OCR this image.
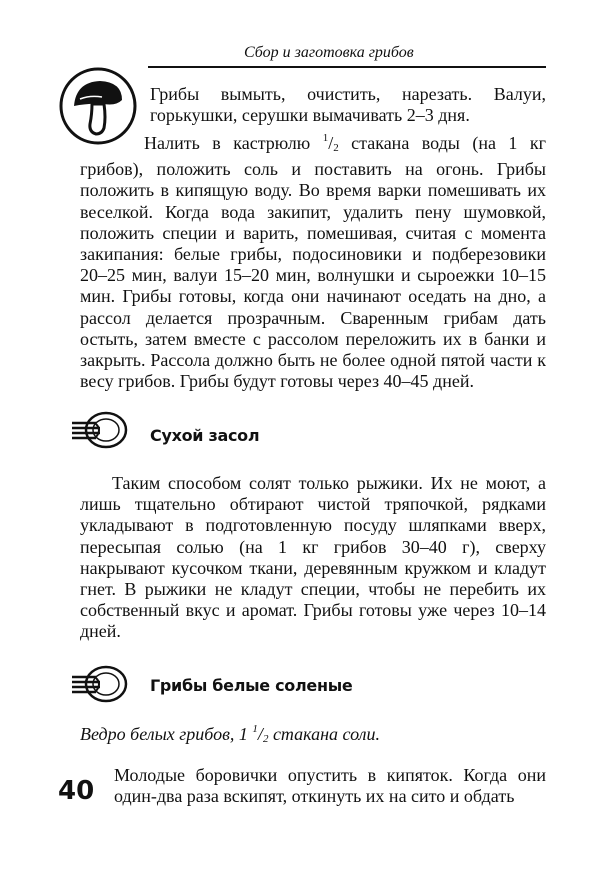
Сбор и заготовка грибов

Грибы вымыть, очистить, нарезать. Валуи, горькушки, серушки вымачивать 2–3 дня.

Налить в кастрюлю $^1/_2$ стакана воды (на 1 кг грибов), положить соль и поставить на огонь. Грибы положить в кипящую воду. Во время варки помешивать их веселкой. Когда вода закипит, удалить пену шумовкой, положить специи и варить, помешивая, считая с момента закипания: белые грибы, подосиновики и подберезовики 20–25 мин, валуи 15–20 мин, волнушки и сыроежки 10–15 мин. Грибы готовы, когда они начинают оседать на дно, а рассол делается прозрачным. Сваренным грибам дать остыть, затем вместе с рассолом переложить их в банки и закрыть. Рассола должно быть не более одной пятой части к весу грибов. Грибы будут готовы через 40–45 дней.

Сухой засол

Таким способом солят только рыжики. Их не моют, а лишь тщательно обтирают чистой тряпочкой, рядками укладывают в подготовленную посуду шляпками вверх, пересыпая солью (на 1 кг грибов 30–40 г), сверху накрывают кусочком ткани, деревянным кружком и кладут гнет. В рыжики не кладут специи, чтобы не перебить их собственный вкус и аромат. Грибы готовы уже через 10–14 дней.

Грибы белые соленые
Ведро белых грибов, 1 $^1/_2$ стакана соли.
40

Молодые боровички опустить в кипяток. Когда они один-два раза вскипят, откинуть их на сито и обдать
